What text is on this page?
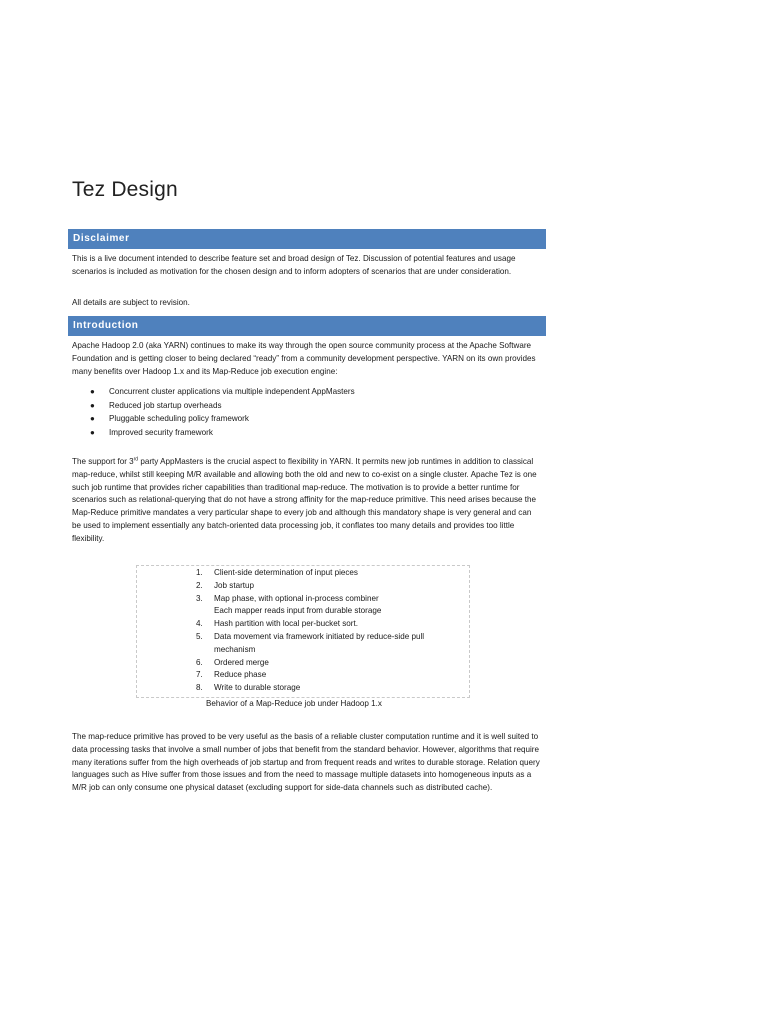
Tez Design
Disclaimer
This is a live document intended to describe feature set and broad design of Tez. Discussion of potential features and usage scenarios is included as motivation for the chosen design and to inform adopters of scenarios that are under consideration.
All details are subject to revision.
Introduction
Apache Hadoop 2.0 (aka YARN) continues to make its way through the open source community process at the Apache Software Foundation and is getting closer to being declared “ready” from a community development perspective. YARN on its own provides many benefits over Hadoop 1.x and its Map-Reduce job execution engine:
● Concurrent cluster applications via multiple independent AppMasters
● Reduced job startup overheads
● Pluggable scheduling policy framework
● Improved security framework
The support for 3rd party AppMasters is the crucial aspect to flexibility in YARN. It permits new job runtimes in addition to classical map-reduce, whilst still keeping M/R available and allowing both the old and new to co-exist on a single cluster. Apache Tez is one such job runtime that provides richer capabilities than traditional map-reduce. The motivation is to provide a better runtime for scenarios such as relational-querying that do not have a strong affinity for the map-reduce primitive. This need arises because the Map-Reduce primitive mandates a very particular shape to every job and although this mandatory shape is very general and can be used to implement essentially any batch-oriented data processing job, it conflates too many details and provides too little flexibility.
1. Client-side determination of input pieces
2. Job startup
3. Map phase, with optional in-process combiner
Each mapper reads input from durable storage
4. Hash partition with local per-bucket sort.
5. Data movement via framework initiated by reduce-side pull mechanism
6. Ordered merge
7. Reduce phase
8. Write to durable storage
Behavior of a Map-Reduce job under Hadoop 1.x
The map-reduce primitive has proved to be very useful as the basis of a reliable cluster computation runtime and it is well suited to data processing tasks that involve a small number of jobs that benefit from the standard behavior. However, algorithms that require many iterations suffer from the high overheads of job startup and from frequent reads and writes to durable storage. Relation query languages such as Hive suffer from those issues and from the need to massage multiple datasets into homogeneous inputs as a M/R job can only consume one physical dataset (excluding support for side-data channels such as distributed cache).
